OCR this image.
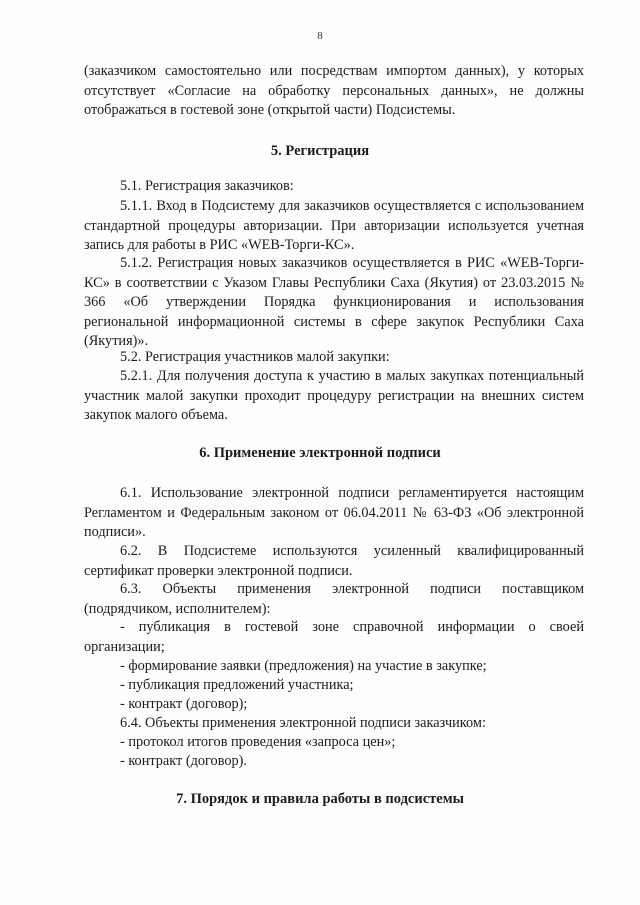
8

(заказчиком самостоятельно или посредствам импортом данных), у которых отсутствует «Согласие на обработку персональных данных», не должны отображаться в гостевой зоне (открытой части) Подсистемы.

5. Регистрация

5.1. Регистрация заказчиков:

5.1.1. Вход в Подсистему для заказчиков осуществляется с использованием стандартной процедуры авторизации. При авторизации используется учетная запись для работы в РИС «WEB-Торги-КС».

5.1.2. Регистрация новых заказчиков осуществляется в РИС «WEB-Торги-КС» в соответствии с Указом Главы Республики Саха (Якутия) от 23.03.2015 № 366 «Об утверждении Порядка функционирования и использования региональной информационной системы в сфере закупок Республики Саха (Якутия)».

5.2. Регистрация участников малой закупки:

5.2.1. Для получения доступа к участию в малых закупках потенциальный участник малой закупки проходит процедуру регистрации на внешних систем закупок малого объема.

6. Применение электронной подписи

6.1. Использование электронной подписи регламентируется настоящим Регламентом и Федеральным законом от 06.04.2011 № 63-ФЗ «Об электронной подписи».

6.2. В Подсистеме используются усиленный квалифицированный сертификат проверки электронной подписи.

6.3. Объекты применения электронной подписи поставщиком (подрядчиком, исполнителем):

- публикация в гостевой зоне справочной информации о своей организации;

- формирование заявки (предложения) на участие в закупке;

- публикация предложений участника;

- контракт (договор);

6.4. Объекты применения электронной подписи заказчиком:

- протокол итогов проведения «запроса цен»;

- контракт (договор).

7. Порядок и правила работы в подсистемы
